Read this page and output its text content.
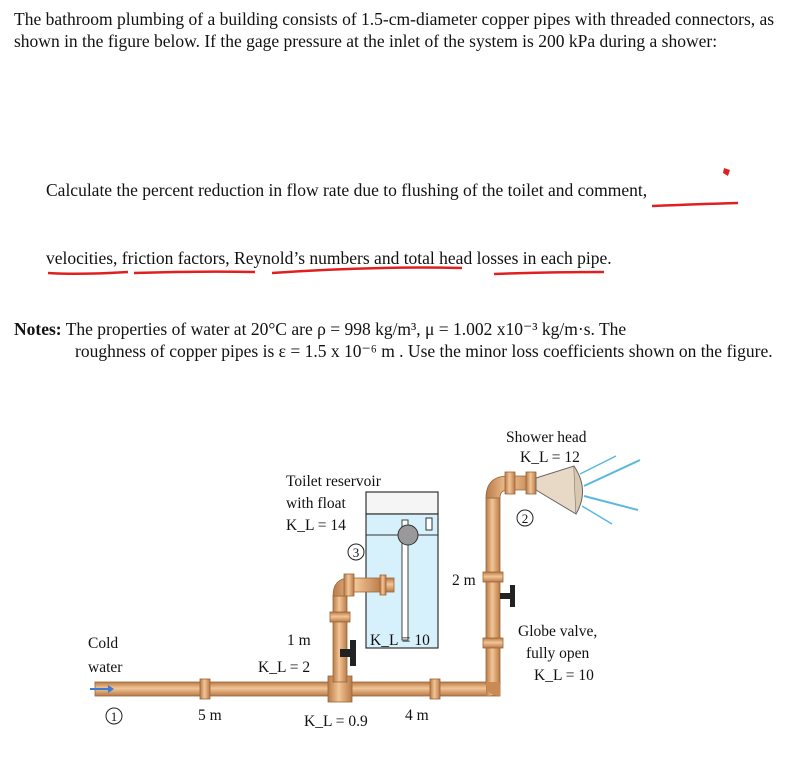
The bathroom plumbing of a building consists of 1.5-cm-diameter copper pipes with threaded connectors, as shown in the figure below. If the gage pressure at the inlet of the system is 200 kPa during a shower:
Calculate the percent reduction in flow rate due to flushing of the toilet and comment,
velocities, friction factors, Reynold’s numbers and total head losses in each pipe.
Notes: The properties of water at 20°C are ρ = 998 kg/m³, μ = 1.002 x10⁻³ kg/m·s. The
roughness of copper pipes is ε = 1.5 x 10⁻⁶ m . Use the minor loss coefficients shown on the figure.
1
2
3
Shower head
K_L = 12
Toilet reservoir
with float
K_L = 14
Cold
water
1 m
K_L = 2
K_L = 10
2 m
Globe valve,
fully open
K_L = 10
5 m	K_L = 0.9 4 m
